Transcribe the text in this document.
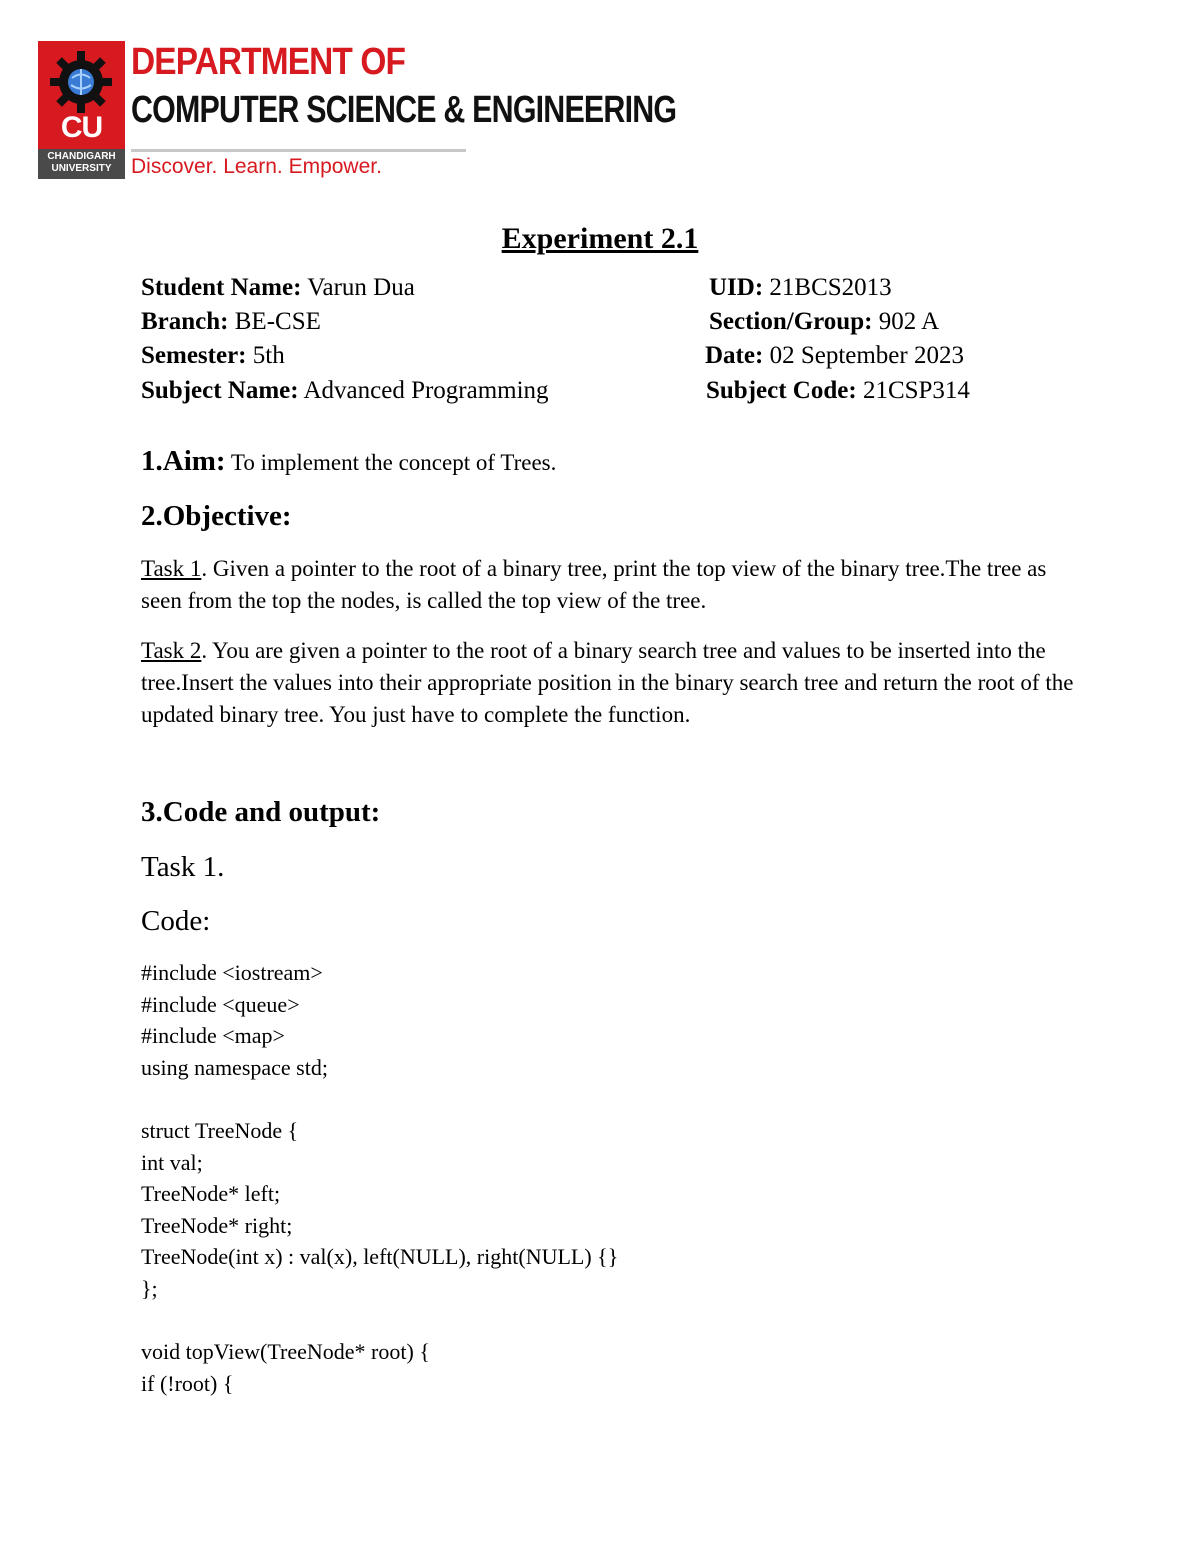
CU
CHANDIGARH
UNIVERSITY
DEPARTMENT OF
COMPUTER SCIENCE & ENGINEERING
Discover. Learn. Empower.
Experiment 2.1
Student Name: Varun Dua	UID: 21BCS2013
Branch: BE-CSE	Section/Group: 902 A
Semester: 5th	Date: 02 September 2023
Subject Name: Advanced Programming	Subject Code: 21CSP314
1.Aim: To implement the concept of Trees.
2.Objective:
Task 1. Given a pointer to the root of a binary tree, print the top view of the binary tree.The tree as seen from the top the nodes, is called the top view of the tree.
Task 2. You are given a pointer to the root of a binary search tree and values to be inserted into the tree.Insert the values into their appropriate position in the binary search tree and return the root of the updated binary tree. You just have to complete the function.
3.Code and output:
Task 1.
Code:
#include <iostream>
#include <queue>
#include <map>
using namespace std;

struct TreeNode {
int val;
TreeNode* left;
TreeNode* right;
TreeNode(int x) : val(x), left(NULL), right(NULL) {}
};

void topView(TreeNode* root) {
if (!root) {
